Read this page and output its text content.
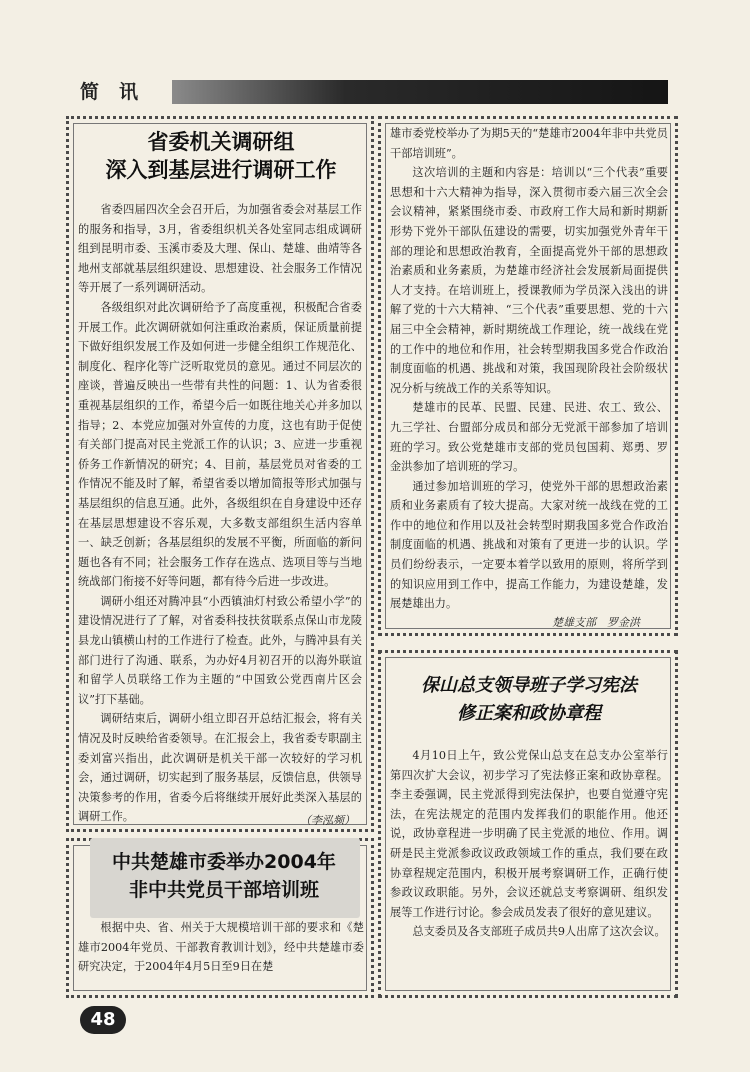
简讯
省委机关调研组
深入到基层进行调研工作

省委四届四次全会召开后，为加强省委会对基层工作的服务和指导，3月，省委组织机关各处室同志组成调研组到昆明市委、玉溪市委及大理、保山、楚雄、曲靖等各地州支部就基层组织建设、思想建设、社会服务工作情况等开展了一系列调研活动。

各级组织对此次调研给予了高度重视，积极配合省委开展工作。此次调研就如何注重政治素质，保证质量前提下做好组织发展工作及如何进一步健全组织工作规范化、制度化、程序化等广泛听取党员的意见。通过不同层次的座谈，普遍反映出一些带有共性的问题：1、认为省委很重视基层组织的工作，希望今后一如既往地关心并多加以指导；2、本党应加强对外宣传的力度，这也有助于促使有关部门提高对民主党派工作的认识；3、应进一步重视侨务工作新情况的研究；4、目前，基层党员对省委的工作情况不能及时了解，希望省委以增加简报等形式加强与基层组织的信息互通。此外，各级组织在自身建设中还存在基层思想建设不容乐观，大多数支部组织生活内容单一、缺乏创新；各基层组织的发展不平衡，所面临的新问题也各有不同；社会服务工作存在选点、选项目等与当地统战部门衔接不好等问题，都有待今后进一步改进。

调研小组还对腾冲县“小西镇油灯村致公希望小学”的建设情况进行了了解，对省委科技扶贫联系点保山市龙陵县龙山镇横山村的工作进行了检查。此外，与腾冲县有关部门进行了沟通、联系，为办好4月初召开的以海外联谊和留学人员联络工作为主题的“中国致公党西南片区会议”打下基础。

调研结束后，调研小组立即召开总结汇报会，将有关情况及时反映给省委领导。在汇报会上，我省委专职副主委刘富兴指出，此次调研是机关干部一次较好的学习机会，通过调研，切实起到了服务基层，反馈信息，供领导决策参考的作用，省委今后将继续开展好此类深入基层的调研工作。	（李泓频）
中共楚雄市委举办2004年
非中共党员干部培训班

根据中央、省、州关于大规模培训干部的要求和《楚雄市2004年党员、干部教育教训计划》，经中共楚雄市委研究决定，于2004年4月5日至9日在楚

雄市委党校举办了为期5天的“楚雄市2004年非中共党员干部培训班”。

这次培训的主题和内容是：培训以“三个代表”重要思想和十六大精神为指导，深入贯彻市委六届三次全会会议精神，紧紧围绕市委、市政府工作大局和新时期新形势下党外干部队伍建设的需要，切实加强党外青年干部的理论和思想政治教育，全面提高党外干部的思想政治素质和业务素质，为楚雄市经济社会发展新局面提供人才支持。在培训班上，授课教师为学员深入浅出的讲解了党的十六大精神、“三个代表”重要思想、党的十六届三中全会精神，新时期统战工作理论，统一战线在党的工作中的地位和作用，社会转型期我国多党合作政治制度面临的机遇、挑战和对策，我国现阶段社会阶级状况分析与统战工作的关系等知识。

楚雄市的民革、民盟、民建、民进、农工、致公、九三学社、台盟部分成员和部分无党派干部参加了培训班的学习。致公党楚雄市支部的党员包国莉、郑勇、罗金洪参加了培训班的学习。

通过参加培训班的学习，使党外干部的思想政治素质和业务素质有了较大提高。大家对统一战线在党的工作中的地位和作用以及社会转型时期我国多党合作政治制度面临的机遇、挑战和对策有了更进一步的认识。学员们纷纷表示，一定要本着学以致用的原则，将所学到的知识应用到工作中，提高工作能力，为建设楚雄，发展楚雄出力。

楚雄支部　罗金洪
保山总支领导班子学习宪法
修正案和政协章程

4月10日上午，致公党保山总支在总支办公室举行第四次扩大会议，初步学习了宪法修正案和政协章程。李主委强调，民主党派得到宪法保护，也要自觉遵守宪法，在宪法规定的范围内发挥我们的职能作用。他还说，政协章程进一步明确了民主党派的地位、作用。调研是民主党派参政议政政领域工作的重点，我们要在政协章程规定范围内，积极开展考察调研工作，正确行使参政议政职能。另外，会议还就总支考察调研、组织发展等工作进行讨论。参会成员发表了很好的意见建议。

总支委员及各支部班子成员共9人出席了这次会议。

48
